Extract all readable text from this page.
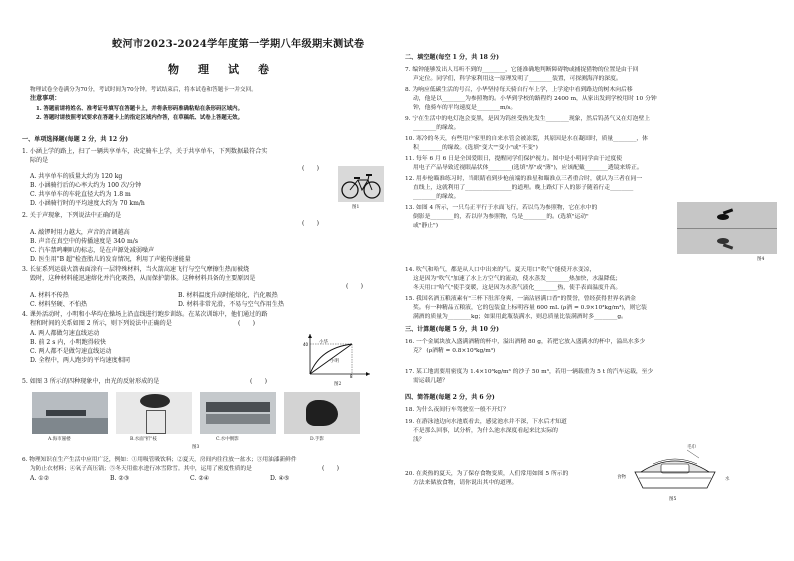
蛟河市2023-2024学年度第一学期八年级期末测试卷
物　理　试　卷
物理试卷全卷满分为70分，考试时间为70分钟。考试结束后，将本试卷和答题卡一并交回。
注意事项：
1. 答题前请将姓名、准考证号填写在答题卡上，并将条形码准确粘贴在条形码区域内。
2. 答题时请按照考试要求在答题卡上的指定区域内作答，在草稿纸、试卷上答题无效。
一、单项选择题(每题 2 分，共 12 分)
1. 小涵上学的路上，扫了一辆共享单车，决定骑车上学，关于共享单车，下列数据最符合实
际的是
(　　)
A. 共享单车的质量大约为 120 kg
B. 小涵骑行后的心率大约为 100 次/分钟
C. 共享单车的车轮直径大约为 1.8 m
D. 小涵骑行时的平均速度大约为 70 km/h
图1
2. 关于声现象，下列说法中正确的是
(　　)
A. 敲锣时用力越大，声音的音调越高
B. 声音在真空中的传播速度是 340 m/s
C. 汽车禁鸣喇叭的标志，是在声源处减弱噪声
D. 医生用"B 超"检查胎儿的发育情况，利用了声能传递能量
3. 长征系列运载火箭表面涂有一层特殊材料，当火箭高速飞行与空气摩擦生热而被烧
毁时，这种材料能迅速熔化并汽化吸热，从而保护箭体。这种材料具备的主要原因是
(　　)
A. 材料不传热	B. 材料温度升高时能熔化、汽化吸热
C. 材料坚硬、不怕热	D. 材料非常光滑，不易与空气作用生热
4. 课外活动时，小明和小华均在操场上沿直线进行跑步训练。在某次训练中，他们通过的路
程和时间的关系如图 2 所示，则下列说法中正确的是	(　　)
A. 两人都做匀速直线运动
B. 前 2 s 内，小明跑得较快
C. 两人都不是做匀速直线运动
D. 全程中，两人跑步的平均速度相同
40
8
小华
小明
图2
5. 如图 3 所示的四种现象中，由光的反射形成的是	(　　)
A.海市蜃楼	B.水面"折"枝	C.水中倒影	D.手影
图3
6. 物理知识在生产生活中应用广泛，例如：①用吸管吸饮料；②夏天，房间内往往放一盆水；③用油漆新鲜件
为防止衣材料；④氧子高压锅；⑤冬天用盐水进行冰雪除雪。其中，运用了密度性质的是	(　　)
A. ①②	B. ②③	C. ②④	D. ④⑤
二、填空题(每空 1 分，共 18 分)
7. 编钟能够发出人耳听不到的________，它能准确地判断障碍物或捕捉猎物的位置是由于回
声定位。同学们，科学家利用这一原理发明了________装置，可探测海洋的深度。
8. 为响应低碳生活的号召，小华坚持每天骑自行车上学，上学途中看到路边的树木向后移
动，他是以________为参照物的。小华到学校的路程约 2400 m，从家出发到学校用时 10 分钟
钟，他骑车的平均速度是________m/s。
9. 宁在生活中的电灯泡会变黑，是因为钨丝受热先发生________现象，然后钨蒸气又在灯泡壁上
________的缘故。
10. 寒冷的冬天，有些用户家里的自来水管会被冻裂，其原因是水在凝固时，质量________，体
积________的缘故。(选填"变大""变小"或"不变")
11. 每年 6 月 6 日是全国爱眼日，提醒同学们保护视力。图中是小明同学由于过度使
用电子产品导致近视眼晶状体________(选填"厚"或"薄")，应该配戴________透镜来矫正。
12. 用步枪瞄准练习时，当眼睛看到步枪前端的准星和瞄准点三者重合时，就认为三者在同一
直线上，这就利用了________________的道理。晚上路灯下人的影子随着行走________
________的缘故。
13. 如图 4 所示，一只鸟正平行于水面飞行，若以鸟为参照物，它在水中的
倒影是________的，若以岸为参照物，鸟是________的。(选填"运动"
或"静止")
图4
14. 吹气和哈气，都是从人口中出来的气。夏天用口"吹气"能使开水变凉，
这是因为"吹气"加速了水上方空气的流动，使水蒸发________热加快，水温降低；
冬天用口"哈气"使手变暖，这是因为水蒸气液化________热，使手表面温度升高。
15. 我国名酒五粮液素有"三杯下肚浑身爽，一滴沾唇满口香"的赞誉，曾经获得世界名酒金
奖。有一种精品五粮液，它的包装盒上标明容量 600 mL (ρ酒 = 0.9×10³kg/m³)，则它装
满酒的质量为________kg；如果用此瓶装满水，则总质量比装满酒时多________g。
三、计算题(每题 5 分，共 10 分)
16. 一个金属块放入盛满酒精的杯中，溢出酒精 80 g，若把它放入盛满水的杯中，溢出水多少
克？ (ρ酒精 = 0.8×10³kg/m³)
17. 某工地需要用密度为 1.4×10³kg/m³ 的沙子 50 m³，若用一辆载重为 5 t 的汽车运载，至少
需运载几趟？
四、简答题(每题 2 分，共 6 分)
18. 为什么夜间行车驾驶室一般不开灯？
19. 在游泳池边向水池底看去，感觉池水并不深，下水后才知道
不是那么回事，试分析，为什么池水深度看起来比实际的
浅？
20. 在炎热的夏天，为了保存食物变质，人们常用如图 5 所示的
方法来储放食物，请你说出其中的道理。
毛巾
食物	水
图5
